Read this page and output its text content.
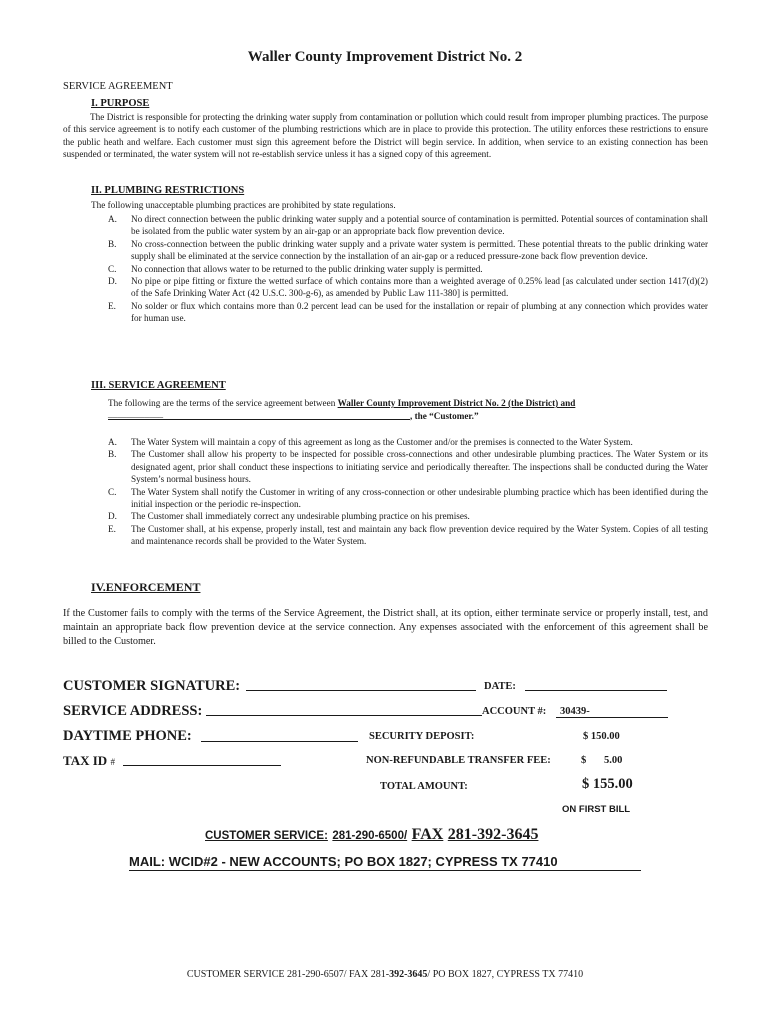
Waller County Improvement District No. 2
SERVICE AGREEMENT
I. PURPOSE
The District is responsible for protecting the drinking water supply from contamination or pollution which could result from improper plumbing practices. The purpose of this service agreement is to notify each customer of the plumbing restrictions which are in place to provide this protection. The utility enforces these restrictions to ensure the public heath and welfare. Each customer must sign this agreement before the District will begin service. In addition, when service to an existing connection has been suspended or terminated, the water system will not re-establish service unless it has a signed copy of this agreement.
II. PLUMBING RESTRICTIONS
The following unacceptable plumbing practices are prohibited by state regulations.
A.	No direct connection between the public drinking water supply and a potential source of contamination is permitted. Potential sources of contamination shall be isolated from the public water system by an air-gap or an appropriate back flow prevention device.
B.	No cross-connection between the public drinking water supply and a private water system is permitted. These potential threats to the public drinking water supply shall be eliminated at the service connection by the installation of an air-gap or a reduced pressure-zone back flow prevention device.
C.	No connection that allows water to be returned to the public drinking water supply is permitted.
D.	No pipe or pipe fitting or fixture the wetted surface of which contains more than a weighted average of 0.25% lead [as calculated under section 1417(d)(2) of the Safe Drinking Water Act (42 U.S.C. 300-g-6), as amended by Public Law 111-380] is permitted.
E.	No solder or flux which contains more than 0.2 percent lead can be used for the installation or repair of plumbing at any connection which provides water for human use.
III. SERVICE AGREEMENT
The following are the terms of the service agreement between Waller County Improvement District No. 2 (the District) and
____________	, the “Customer.”
A.	The Water System will maintain a copy of this agreement as long as the Customer and/or the premises is connected to the Water System.
B.	The Customer shall allow his property to be inspected for possible cross-connections and other undesirable plumbing practices. The Water System or its designated agent, prior shall conduct these inspections to initiating service and periodically thereafter. The inspections shall be conducted during the Water System’s normal business hours.
C.	The Water System shall notify the Customer in writing of any cross-connection or other undesirable plumbing practice which has been identified during the initial inspection or the periodic re-inspection.
D.	The Customer shall immediately correct any undesirable plumbing practice on his premises.
E.	The Customer shall, at his expense, properly install, test and maintain any back flow prevention device required by the Water System. Copies of all testing and maintenance records shall be provided to the Water System.
IV.ENFORCEMENT
If the Customer fails to comply with the terms of the Service Agreement, the District shall, at its option, either terminate service or properly install, test, and maintain an appropriate back flow prevention device at the service connection. Any expenses associated with the enforcement of this agreement shall be billed to the Customer.
CUSTOMER SIGNATURE:	DATE:
SERVICE ADDRESS:	ACCOUNT #:	30439-
DAYTIME PHONE:	SECURITY DEPOSIT:	$ 150.00
TAX ID #	NON-REFUNDABLE TRANSFER FEE:	$ 5.00
TOTAL AMOUNT:	$ 155.00
ON FIRST BILL
CUSTOMER SERVICE: 281-290-6500/ FAX 281-392-3645
MAIL: WCID#2 - NEW ACCOUNTS; PO BOX 1827; CYPRESS TX 77410
CUSTOMER SERVICE 281-290-6507/ FAX 281-392-3645/ PO BOX 1827, CYPRESS TX 77410
